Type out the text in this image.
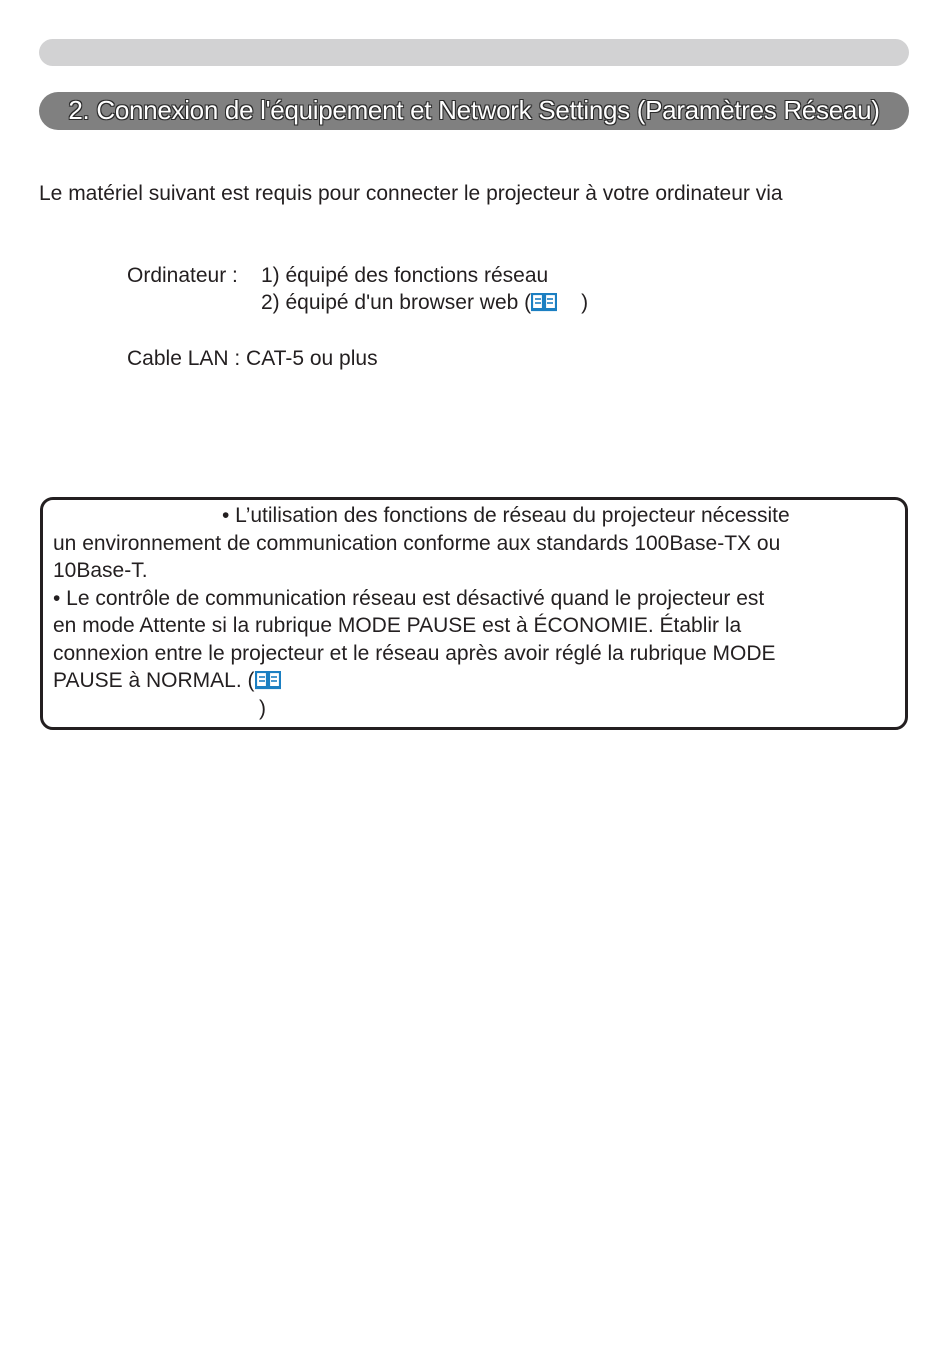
2. Connexion de l'équipement et Network Settings (Paramètres Réseau)
Le matériel suivant est requis pour connecter le projecteur à votre ordinateur via
Ordinateur : 1) équipé des fonctions réseau
2) équipé d'un browser web ( )
Cable LAN : CAT-5 ou plus
• L’utilisation des fonctions de réseau du projecteur nécessite
un environnement de communication conforme aux standards 100Base-TX ou
10Base-T.
• Le contrôle de communication réseau est désactivé quand le projecteur est
en mode Attente si la rubrique MODE PAUSE est à ÉCONOMIE. Établir la
connexion entre le projecteur et le réseau après avoir réglé la rubrique MODE
PAUSE à NORMAL. (
)
